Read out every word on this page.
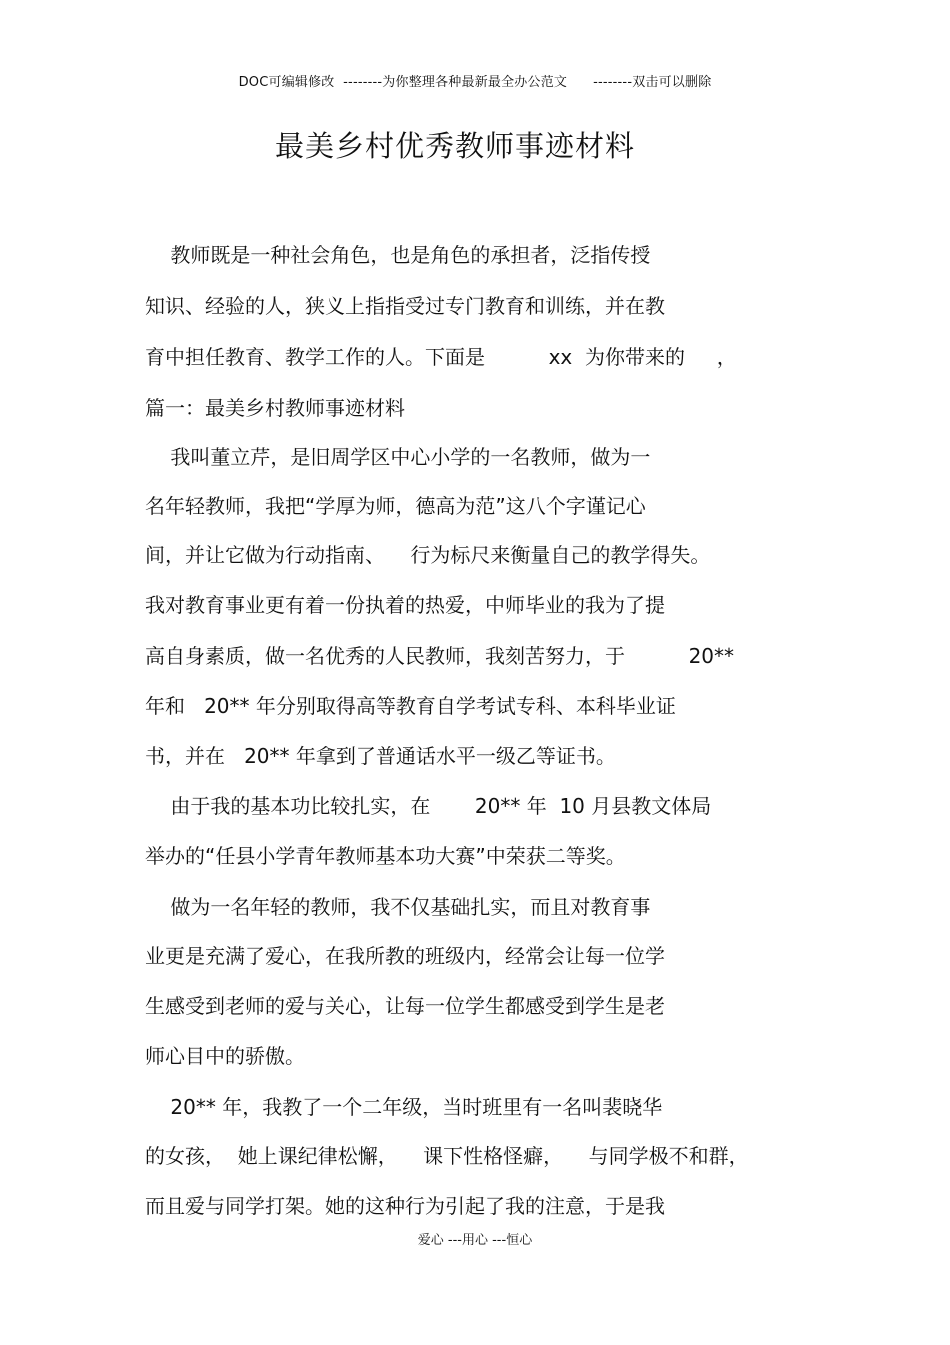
DOC可编辑修改  --------为你整理各种最新最全办公范文      --------双击可以删除
最美乡村优秀教师事迹材料
教师既是一种社会角色，也是角色的承担者，泛指传授
知识、经验的人，狭义上指指受过专门教育和训练，并在教
育中担任教育、教学工作的人。下面是          xx  为你带来的     ，
篇一：最美乡村教师事迹材料
我叫董立芹，是旧周学区中心小学的一名教师，做为一
名年轻教师，我把“学厚为师，德高为范”这八个字谨记心
间，并让它做为行动指南、    行为标尺来衡量自己的教学得失。
我对教育事业更有着一份执着的热爱，中师毕业的我为了提
高自身素质，做一名优秀的人民教师，我刻苦努力，于          20**
年和   20** 年分别取得高等教育自学考试专科、本科毕业证
书，并在   20** 年拿到了普通话水平一级乙等证书。
由于我的基本功比较扎实，在       20** 年  10 月县教文体局
举办的“任县小学青年教师基本功大赛”中荣获二等奖。
做为一名年轻的教师，我不仅基础扎实，而且对教育事
业更是充满了爱心，在我所教的班级内，经常会让每一位学
生感受到老师的爱与关心，让每一位学生都感受到学生是老
师心目中的骄傲。
20** 年，我教了一个二年级，当时班里有一名叫裴晓华
的女孩，  她上课纪律松懈，    课下性格怪癖，    与同学极不和群，
而且爱与同学打架。她的这种行为引起了我的注意，于是我
爱心 ---用心 ---恒心
